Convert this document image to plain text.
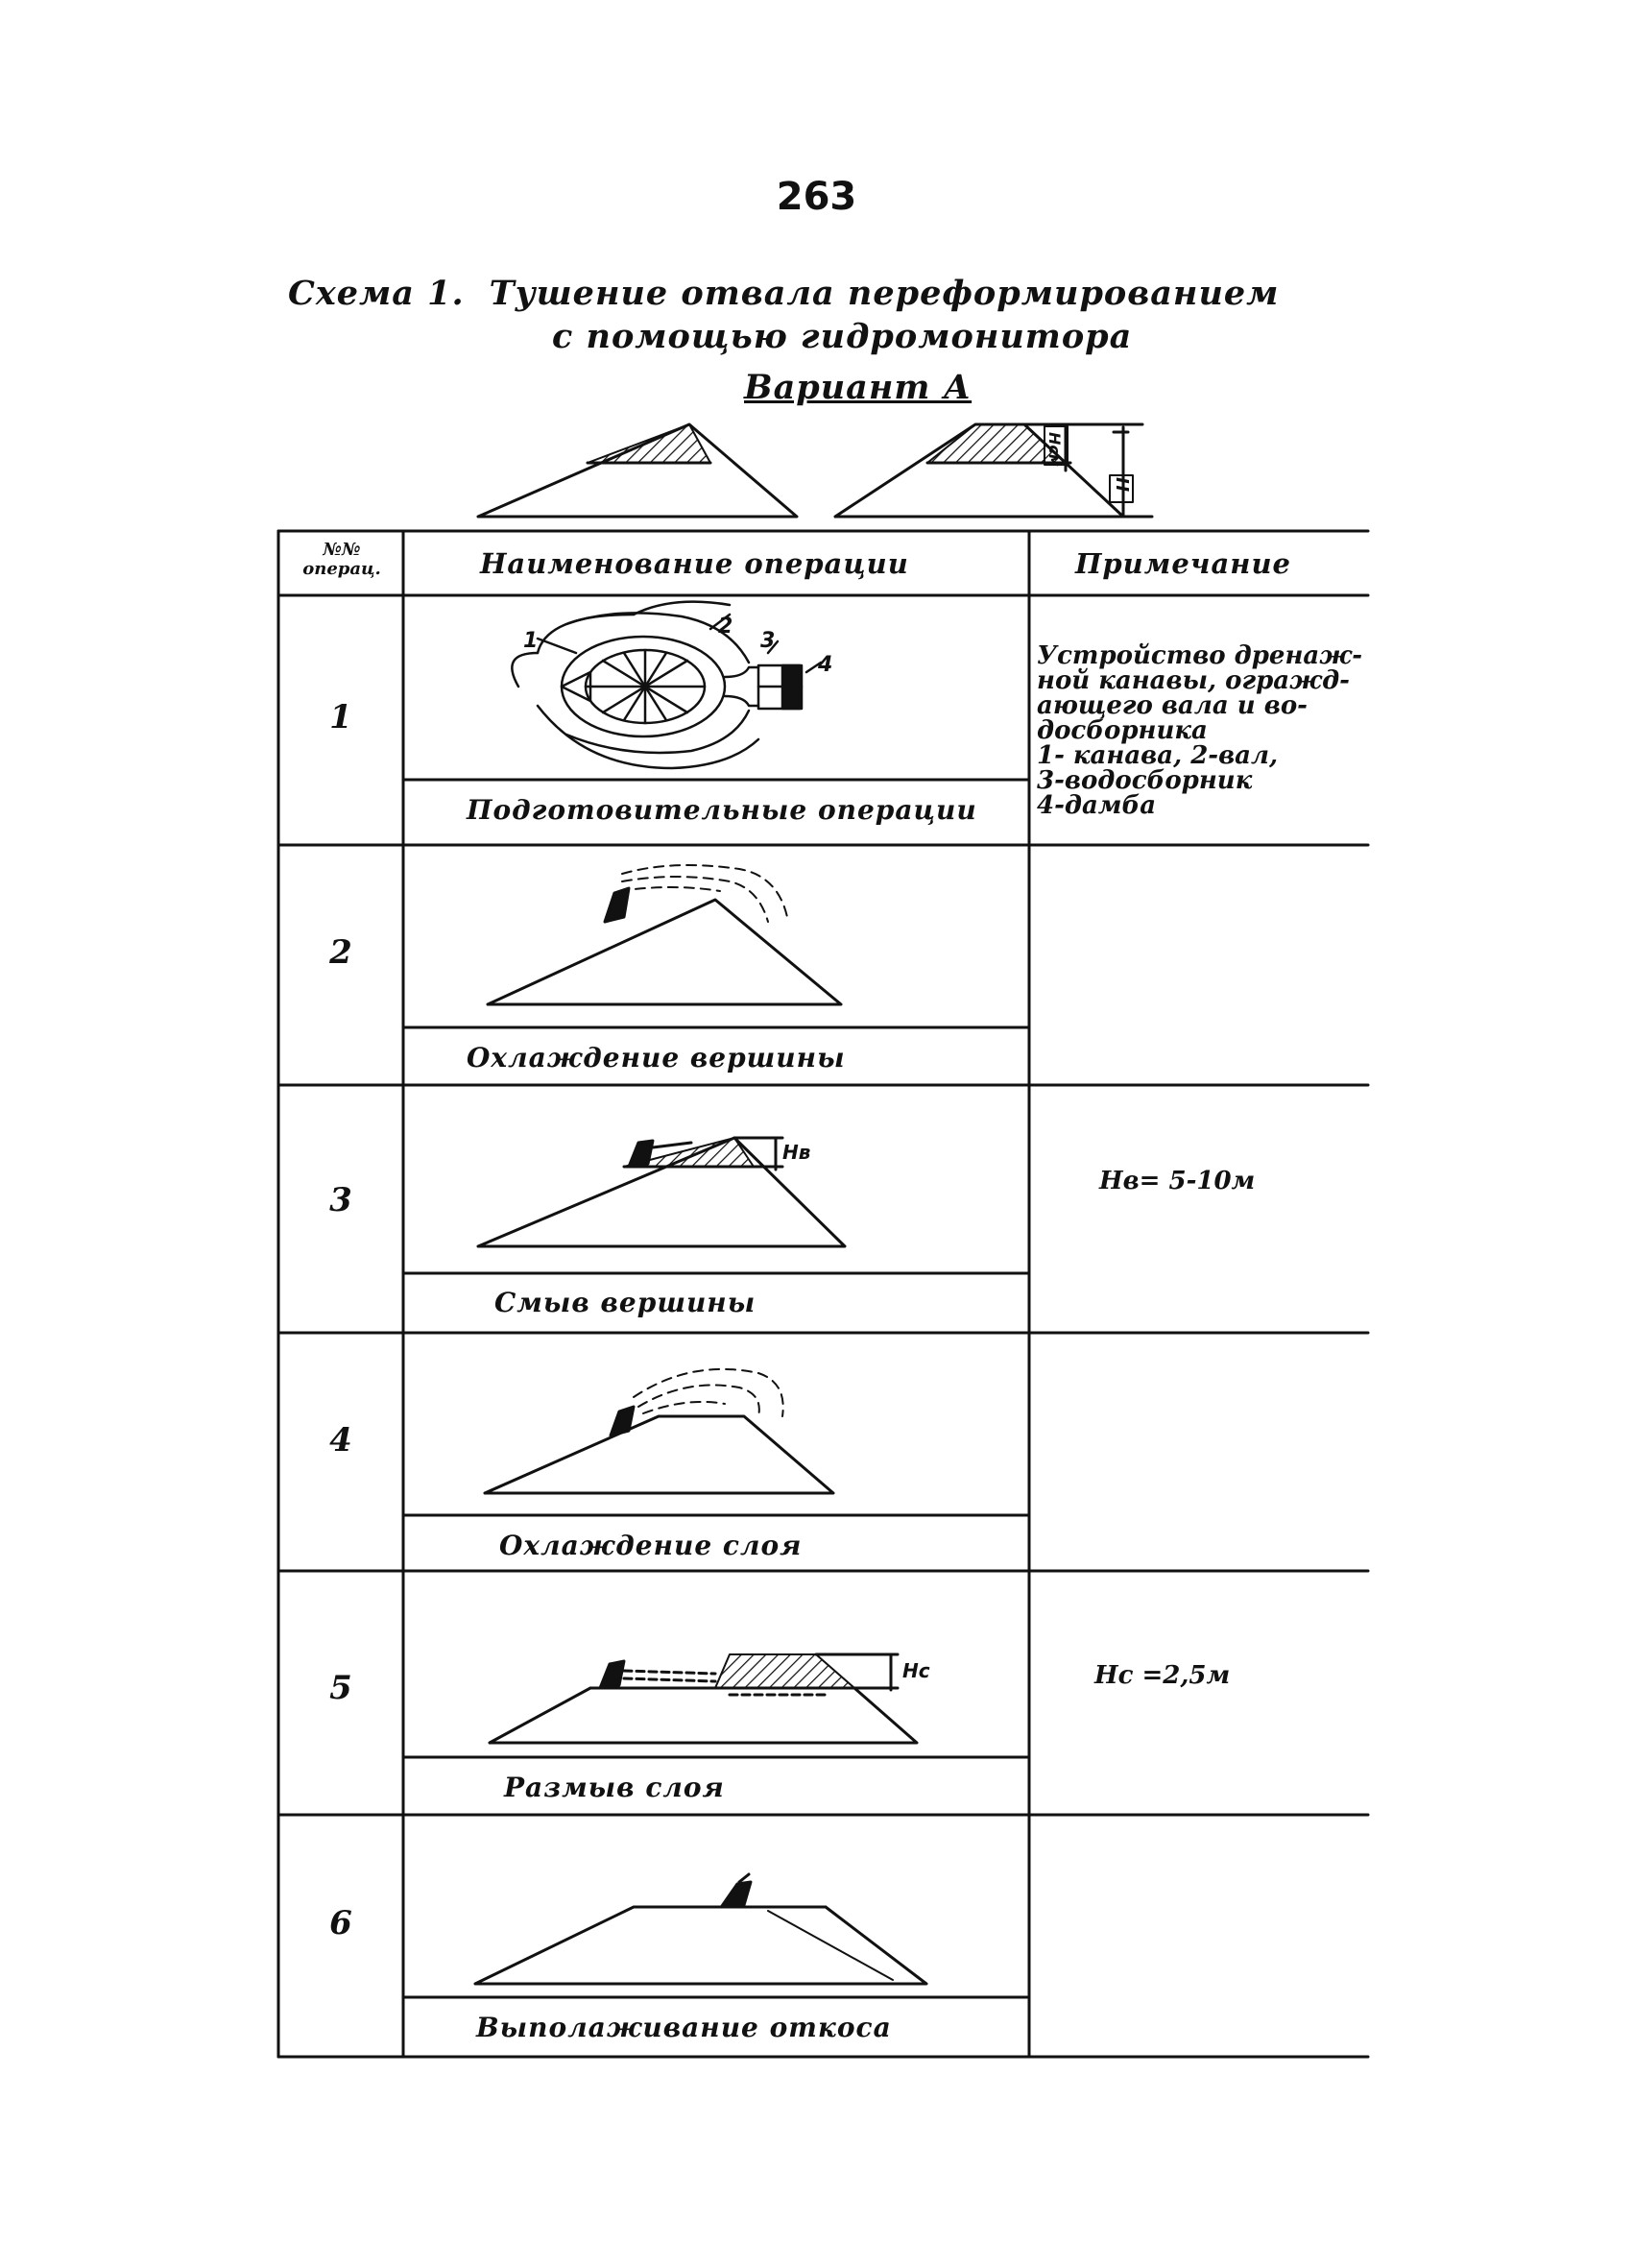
263
Схема 1. Тушение отвала переформированием
с помощью гидромонитора
Вариант А
Hсм
H
№№ операц.	Наименование операции	Примечание
1
2
3
4
5
6
1
2
3
4
Hв
Hс
Подготовительные операции
Охлаждение вершины
Смыв вершины
Охлаждение слоя
Размыв слоя
Выполаживание откоса
Устройство дренаж-
ной канавы, огражд-
ающего вала и во-
досборника
1- канава, 2-вал,
3-водосборник
4-дамба
Hв= 5-10м
Hс =2,5м
